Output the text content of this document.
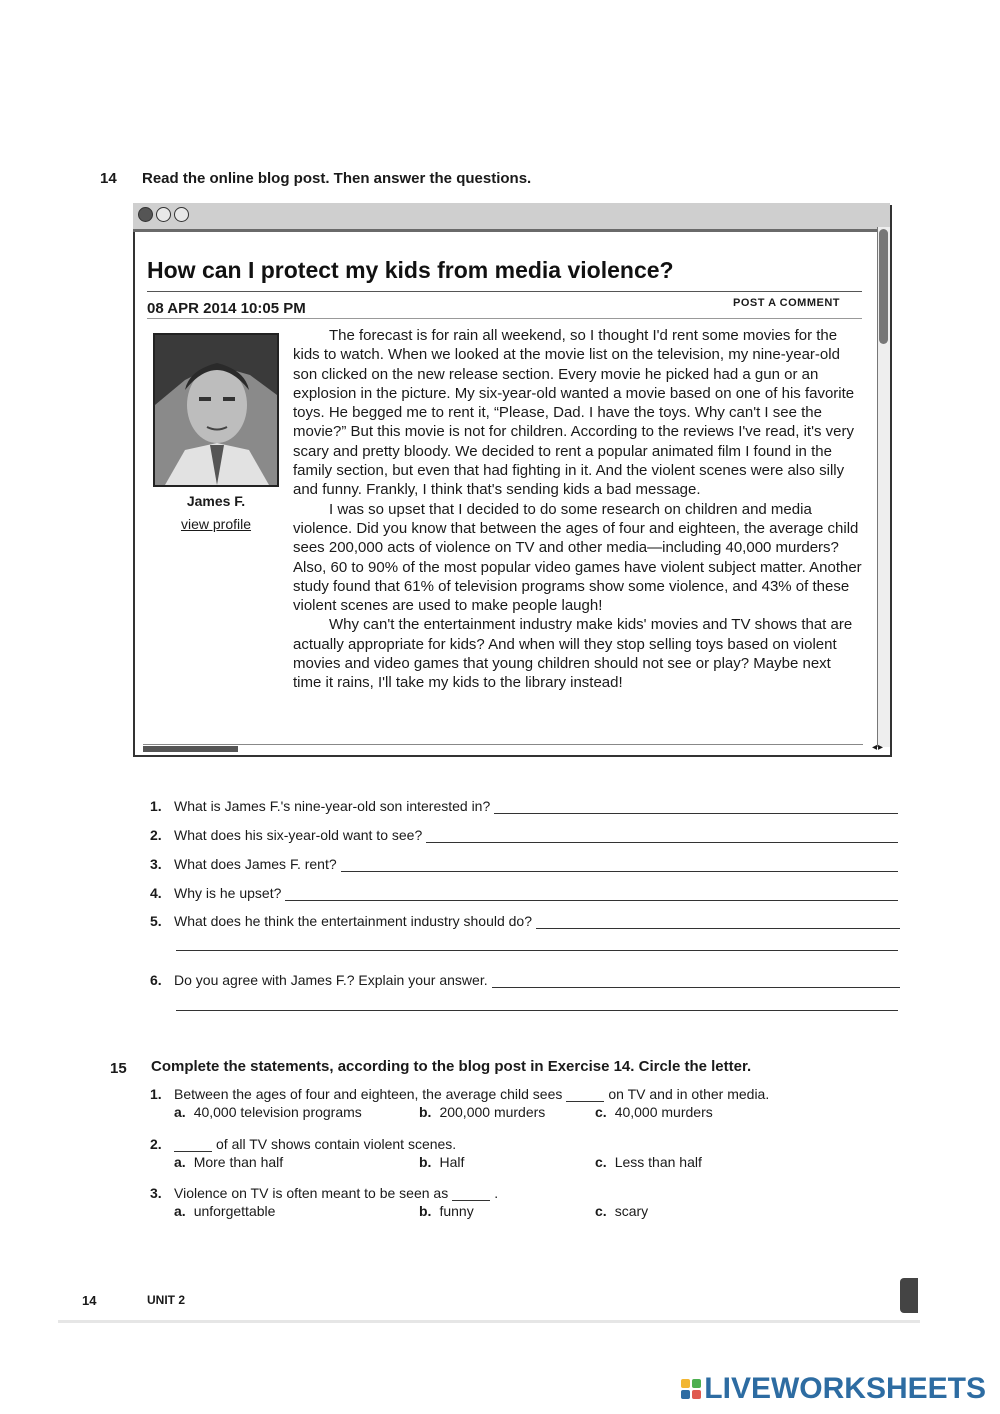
14 Read the online blog post. Then answer the questions.
How can I protect my kids from media violence?
08 APR 2014 10:05 PM	POST A COMMENT
James F.
view profile

The forecast is for rain all weekend, so I thought I'd rent some movies for the kids to watch. When we looked at the movie list on the television, my nine-year-old son clicked on the new release section. Every movie he picked had a gun or an explosion in the picture. My six-year-old wanted a movie based on one of his favorite toys. He begged me to rent it, “Please, Dad. I have the toys. Why can't I see the movie?” But this movie is not for children. According to the reviews I've read, it's very scary and pretty bloody. We decided to rent a popular animated film I found in the family section, but even that had fighting in it. And the violent scenes were also silly and funny. Frankly, I think that's sending kids a bad message.

I was so upset that I decided to do some research on children and media violence. Did you know that between the ages of four and eighteen, the average child sees 200,000 acts of violence on TV and other media—including 40,000 murders? Also, 60 to 90% of the most popular video games have violent subject matter. Another study found that 61% of television programs show some violence, and 43% of these violent scenes are used to make people laugh!

Why can't the entertainment industry make kids' movies and TV shows that are actually appropriate for kids? And when will they stop selling toys based on violent movies and video games that young children should not see or play? Maybe next time it rains, I'll take my kids to the library instead!

◂▸
1. What is James F.'s nine-year-old son interested in?
2. What does his six-year-old want to see?
3. What does James F. rent?
4. Why is he upset?
5. What does he think the entertainment industry should do?
6. Do you agree with James F.? Explain your answer.
15 Complete the statements, according to the blog post in Exercise 14. Circle the letter.
1. Between the ages of four and eighteen, the average child sees	on TV and in other media.
a. 40,000 television programs	b. 200,000 murders	c. 40,000 murders
2.	of all TV shows contain violent scenes.
a. More than half	b. Half	c. Less than half
3. Violence on TV is often meant to be seen as	.
a. unforgettable	b. funny	c. scary
14	UNIT 2
LIVEWORKSHEETS
